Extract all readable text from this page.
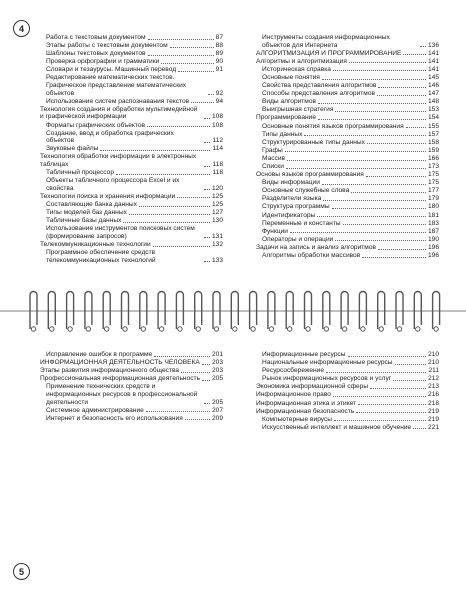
4
Работа с текстовым документом	87
Этапы работы с текстовым документом	88
Шаблоны текстовых документов	89
Проверка орфографии и грамматики	90
Словари и тезаурусы. Машинный перевод	91
Редактирование математических текстов. Графическое представление математических объектов	92
Использование систем распознавания текстов	94
Технология создания и обработки мультимедийной и графической информации	108
Форматы графических объектов	108
Создание, ввод и обработка графических объектов	112
Звуковые файлы	114
Технология обработки информации в электронных таблицах	118
Табличный процессор	118
Объекты табличного процессора Excel и их свойства	120
Технологии поиска и хранения информации	125
Составляющие банка данных	125
Типы моделей баз данных	127
Табличные базы данных	130
Использование инструментов поисковых систем (формирование запросов)	131
Телекоммуникационные технологии	132
Программное обеспечение средств телекоммуникационных технологий	133
Инструменты создания информационных объектов для Интернета	136
АЛГОРИТМИЗАЦИЯ И ПРОГРАММИРОВАНИЕ	141
Алгоритмы и алгоритмизация	141
Историческая справка	141
Основные понятия	145
Свойства представления алгоритмов	146
Способы представления алгоритмов	147
Виды алгоритмов	148
Выигрышная стратегия	153
Программирование	154
Основные понятия языков программирования	155
Типы данных	157
Структурированные типы данных	158
Графы	159
Массив	166
Списки	173
Основы языков программирования	175
Виды информации	175
Основные служебные слова	177
Разделители языка	179
Структура программы	180
Идентификаторы	181
Переменные и константы	183
Функции	187
Операторы и операции	190
Задачи на запись и анализ алгоритмов	196
Алгоритмы обработки массивов	196
Исправление ошибок в программе	201
ИНФОРМАЦИОННАЯ ДЕЯТЕЛЬНОСТЬ ЧЕЛОВЕКА 203
Этапы развития информационного общества	203
Профессиональная информационная деятельность 205
Применение технических средств и информационных ресурсов в профессиональной деятельности	205
Системное администрирование	207
Интернет и безопасность его использования	209
Информационные ресурсы	210
Национальные информационные ресурсы	210
Ресурсосбережение	211
Рынок информационных ресурсов и услуг	212
Экономика информационной сферы	213
Информационное право	216
Информационная этика и этикет	218
Информационная безопасность	219
Компьютерные вирусы	219
Искусственный интеллект и машинное обучение	221
5
